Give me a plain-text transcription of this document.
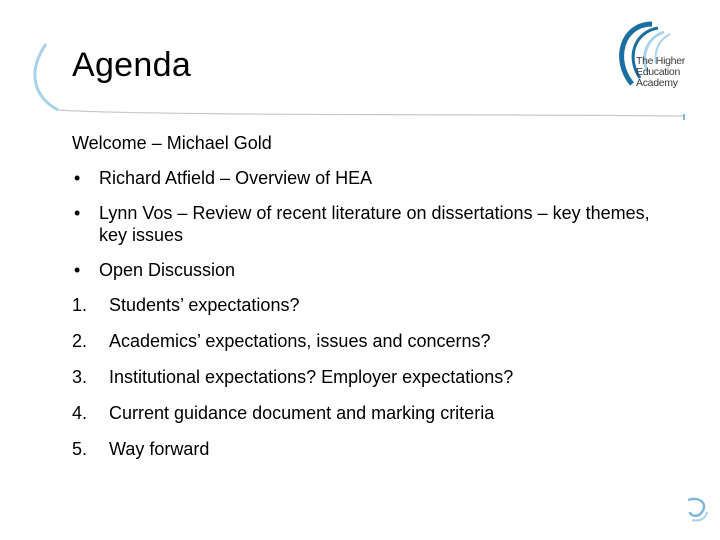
Agenda	The Higher
Education
Academy
Welcome – Michael Gold
• Richard Atfield – Overview of HEA
• Lynn Vos – Review of recent literature on dissertations – key themes, key issues
• Open Discussion
1. Students’ expectations?
2. Academics’ expectations, issues and concerns?
3. Institutional expectations? Employer expectations?
4. Current guidance document and marking criteria
5. Way forward
